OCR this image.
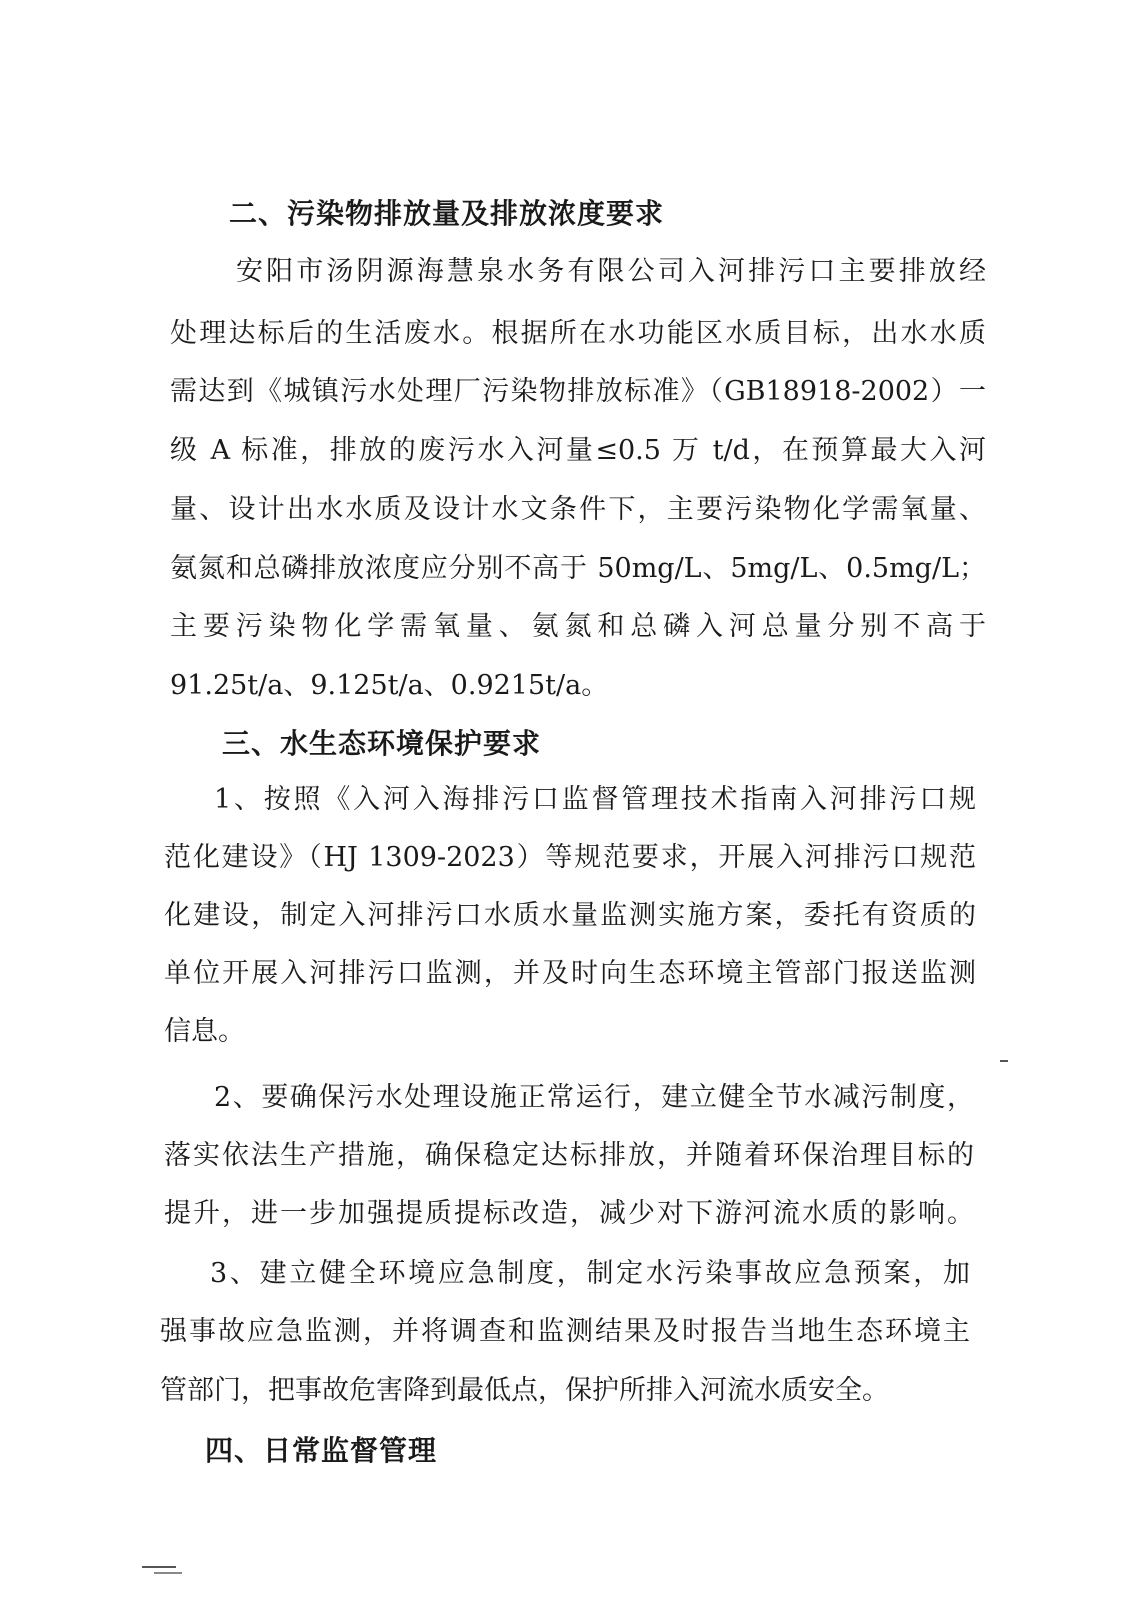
二、污染物排放量及排放浓度要求
安阳市汤阴源海慧泉水务有限公司入河排污口主要排放经
处理达标后的生活废水。根据所在水功能区水质目标，出水水质
需达到《城镇污水处理厂污染物排放标准》（GB18918-2002）一
级 A 标准，排放的废污水入河量≤0.5 万 t/d，在预算最大入河
量、设计出水水质及设计水文条件下，主要污染物化学需氧量、
氨氮和总磷排放浓度应分别不高于 50mg/L、5mg/L、0.5mg/L；
主要污染物化学需氧量、氨氮和总磷入河总量分别不高于
91.25t/a、9.125t/a、0.9215t/a。
三、水生态环境保护要求
1、按照《入河入海排污口监督管理技术指南入河排污口规
范化建设》（HJ 1309-2023）等规范要求，开展入河排污口规范
化建设，制定入河排污口水质水量监测实施方案，委托有资质的
单位开展入河排污口监测，并及时向生态环境主管部门报送监测
信息。
2、要确保污水处理设施正常运行，建立健全节水减污制度，
落实依法生产措施，确保稳定达标排放，并随着环保治理目标的
提升，进一步加强提质提标改造，减少对下游河流水质的影响。
3、建立健全环境应急制度，制定水污染事故应急预案，加
强事故应急监测，并将调查和监测结果及时报告当地生态环境主
管部门，把事故危害降到最低点，保护所排入河流水质安全。
四、日常监督管理
